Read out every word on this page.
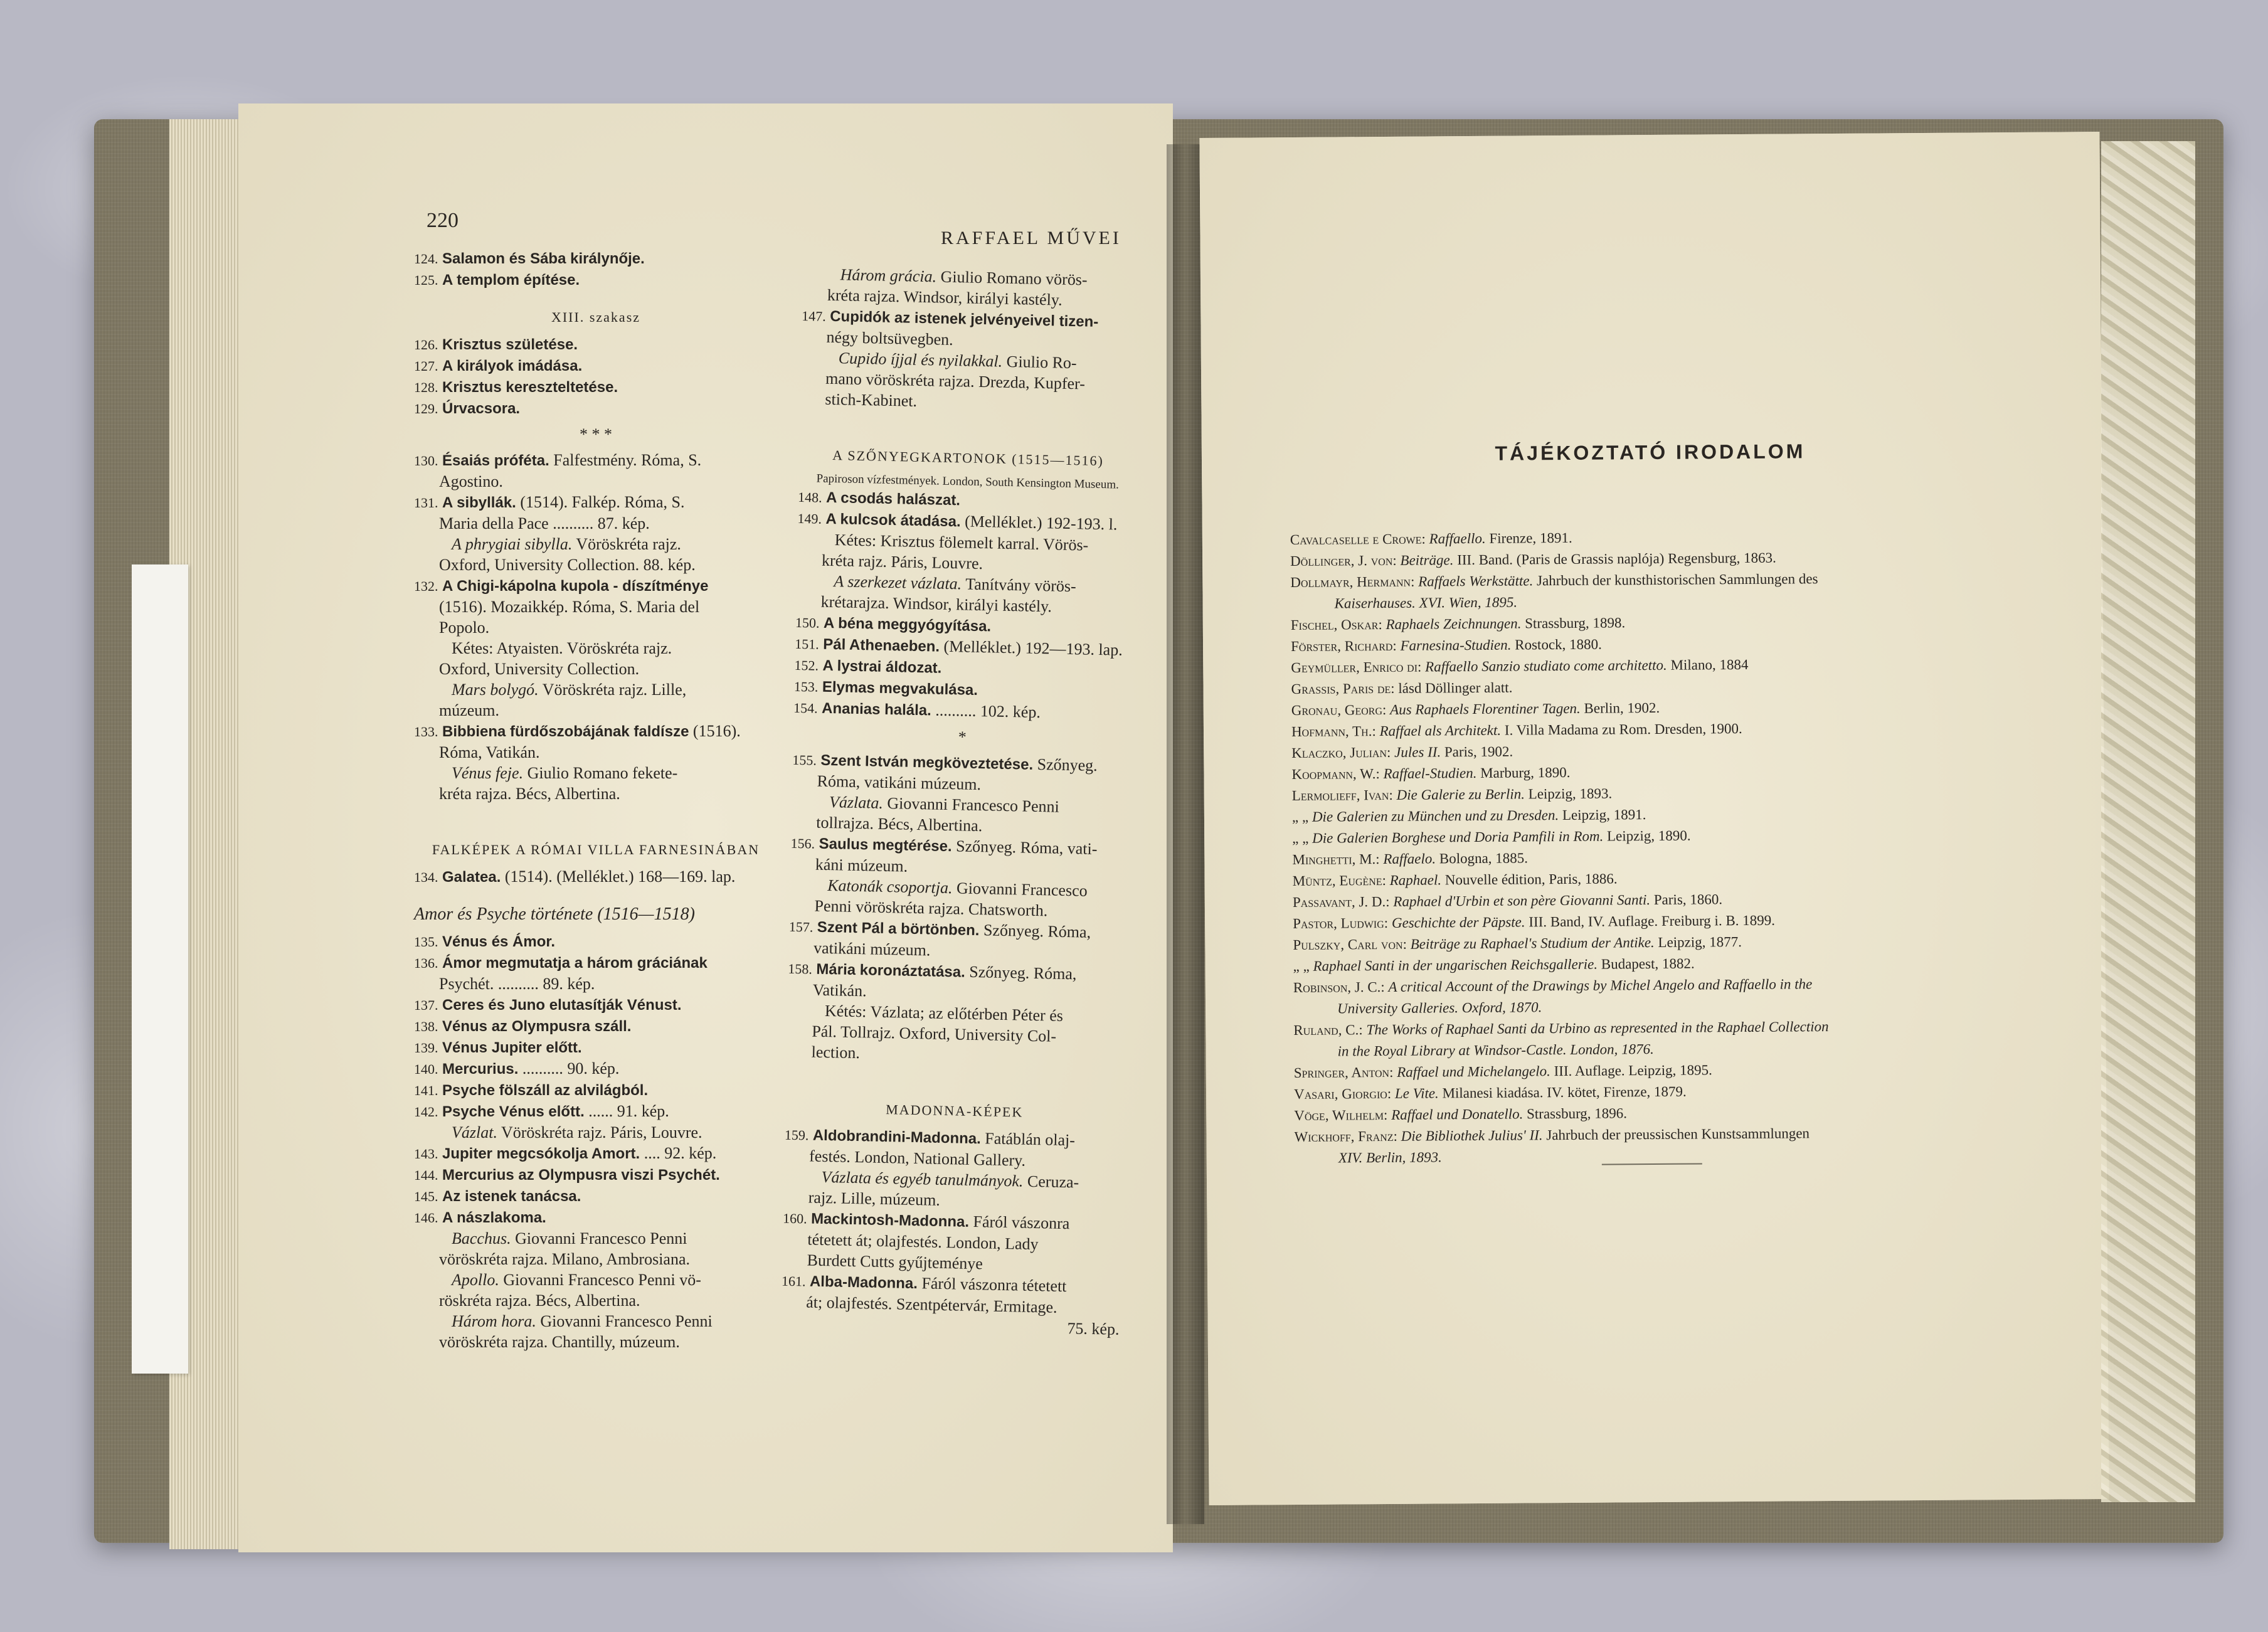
220
RAFFAEL MŰVEI
124. Salamon és Sába királynője.
125. A templom építése.
XIII. szakasz
126. Krisztus születése.
127. A királyok imádása.
128. Krisztus kereszteltetése.
129. Úrvacsora.
* * *
130. Ésaiás próféta. Falfestmény. Róma, S.
Agostino.
131. A sibyllák. (1514). Falkép. Róma, S.
Maria della Pace .......... 87. kép.
A phrygiai sibylla. Vöröskréta rajz.
Oxford, University Collection. 88. kép.
132. A Chigi-kápolna kupola - díszítménye
(1516). Mozaikkép. Róma, S. Maria del
Popolo.
Kétes: Atyaisten. Vöröskréta rajz.
Oxford, University Collection.
Mars bolygó. Vöröskréta rajz. Lille,
múzeum.
133. Bibbiena fürdőszobájának faldísze (1516).
Róma, Vatikán.
Vénus feje. Giulio Romano fekete-
kréta rajza. Bécs, Albertina.
FALKÉPEK A RÓMAI VILLA FARNESINÁBAN
134. Galatea. (1514). (Melléklet.) 168—169. lap.
Amor és Psyche története (1516—1518)
135. Vénus és Ámor.
136. Ámor megmutatja a három gráciának
Psychét. .......... 89. kép.
137. Ceres és Juno elutasítják Vénust.
138. Vénus az Olympusra száll.
139. Vénus Jupiter előtt.
140. Mercurius. .......... 90. kép.
141. Psyche fölszáll az alvilágból.
142. Psyche Vénus előtt. ...... 91. kép.
Vázlat. Vöröskréta rajz. Páris, Louvre.
143. Jupiter megcsókolja Amort. .... 92. kép.
144. Mercurius az Olympusra viszi Psychét.
145. Az istenek tanácsa.
146. A nászlakoma.
Bacchus. Giovanni Francesco Penni
vöröskréta rajza. Milano, Ambrosiana.
Apollo. Giovanni Francesco Penni vö-
röskréta rajza. Bécs, Albertina.
Három hora. Giovanni Francesco Penni
vöröskréta rajza. Chantilly, múzeum.
Három grácia. Giulio Romano vörös-
kréta rajza. Windsor, királyi kastély.
147. Cupidók az istenek jelvényeivel tizen-
négy boltsüvegben.
Cupido íjjal és nyilakkal. Giulio Ro-
mano vöröskréta rajza. Drezda, Kupfer-
stich-Kabinet.
A SZŐNYEGKARTONOK (1515—1516)
Papiroson vízfestmények. London, South Kensington Museum.
148. A csodás halászat.
149. A kulcsok átadása. (Melléklet.) 192-193. l.
Kétes: Krisztus fölemelt karral. Vörös-
kréta rajz. Páris, Louvre.
A szerkezet vázlata. Tanítvány vörös-
krétarajza. Windsor, királyi kastély.
150. A béna meggyógyítása.
151. Pál Athenaeben. (Melléklet.) 192—193. lap.
152. A lystrai áldozat.
153. Elymas megvakulása.
154. Ananias halála. .......... 102. kép.
*
155. Szent István megköveztetése. Szőnyeg.
Róma, vatikáni múzeum.
Vázlata. Giovanni Francesco Penni
tollrajza. Bécs, Albertina.
156. Saulus megtérése. Szőnyeg. Róma, vati-
káni múzeum.
Katonák csoportja. Giovanni Francesco
Penni vöröskréta rajza. Chatsworth.
157. Szent Pál a börtönben. Szőnyeg. Róma,
vatikáni múzeum.
158. Mária koronáztatása. Szőnyeg. Róma,
Vatikán.
Kétés: Vázlata; az előtérben Péter és
Pál. Tollrajz. Oxford, University Col-
lection.
MADONNA-KÉPEK
159. Aldobrandini-Madonna. Fatáblán olaj-
festés. London, National Gallery.
Vázlata és egyéb tanulmányok. Ceruza-
rajz. Lille, múzeum.
160. Mackintosh-Madonna. Fáról vászonra
tétetett át; olajfestés. London, Lady
Burdett Cutts gyűjteménye
161. Alba-Madonna. Fáról vászonra tétetett
át; olajfestés. Szentpétervár, Ermitage.
75. kép.
TÁJÉKOZTATÓ IRODALOM
Cavalcaselle e Crowe: Raffaello. Firenze, 1891.
Döllinger, J. von: Beiträge. III. Band. (Paris de Grassis naplója) Regensburg, 1863.
Dollmayr, Hermann: Raffaels Werkstätte. Jahrbuch der kunsthistorischen Sammlungen des
Kaiserhauses. XVI. Wien, 1895.
Fischel, Oskar: Raphaels Zeichnungen. Strassburg, 1898.
Förster, Richard: Farnesina-Studien. Rostock, 1880.
Geymüller, Enrico di: Raffaello Sanzio studiato come architetto. Milano, 1884
Grassis, Paris de: lásd Döllinger alatt.
Gronau, Georg: Aus Raphaels Florentiner Tagen. Berlin, 1902.
Hofmann, Th.: Raffael als Architekt. I. Villa Madama zu Rom. Dresden, 1900.
Klaczko, Julian: Jules II. Paris, 1902.
Koopmann, W.: Raffael-Studien. Marburg, 1890.
Lermolieff, Ivan: Die Galerie zu Berlin. Leipzig, 1893.
„ „ Die Galerien zu München und zu Dresden. Leipzig, 1891.
„ „ Die Galerien Borghese und Doria Pamfili in Rom. Leipzig, 1890.
Minghetti, M.: Raffaelo. Bologna, 1885.
Müntz, Eugène: Raphael. Nouvelle édition, Paris, 1886.
Passavant, J. D.: Raphael d'Urbin et son père Giovanni Santi. Paris, 1860.
Pastor, Ludwig: Geschichte der Päpste. III. Band, IV. Auflage. Freiburg i. B. 1899.
Pulszky, Carl von: Beiträge zu Raphael's Studium der Antike. Leipzig, 1877.
„ „ Raphael Santi in der ungarischen Reichsgallerie. Budapest, 1882.
Robinson, J. C.: A critical Account of the Drawings by Michel Angelo and Raffaello in the
University Galleries. Oxford, 1870.
Ruland, C.: The Works of Raphael Santi da Urbino as represented in the Raphael Collection
in the Royal Library at Windsor-Castle. London, 1876.
Springer, Anton: Raffael und Michelangelo. III. Auflage. Leipzig, 1895.
Vasari, Giorgio: Le Vite. Milanesi kiadása. IV. kötet, Firenze, 1879.
Vöge, Wilhelm: Raffael und Donatello. Strassburg, 1896.
Wickhoff, Franz: Die Bibliothek Julius' II. Jahrbuch der preussischen Kunstsammlungen
XIV. Berlin, 1893.
